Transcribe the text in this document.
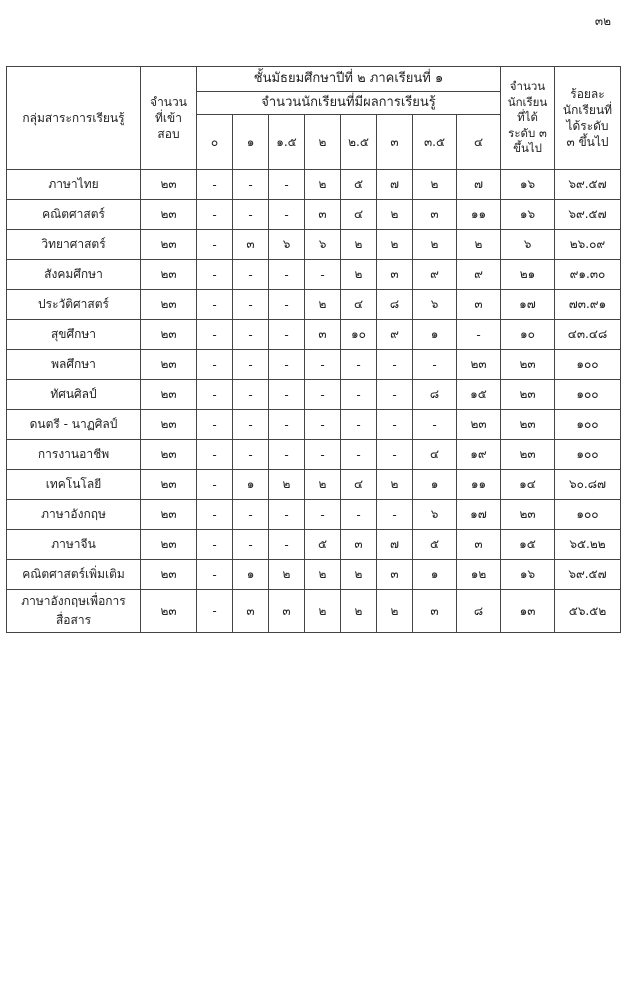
๓๒
กลุ่มสาระการเรียนรู้	จำนวนที่เข้าสอบ	ชั้นมัธยมศึกษาปีที่ ๒ ภาคเรียนที่ ๑								จำนวนนักเรียนที่ได้ระดับ ๓ ขึ้นไป	ร้อยละนักเรียนที่ได้ระดับ ๓ ขึ้นไป
		จำนวนนักเรียนที่มีผลการเรียนรู้									
		๐	๑	๑.๕	๒	๒.๕	๓	๓.๕	๔		
ภาษาไทย	๒๓	-	-	-	๒	๕	๗	๒	๗	๑๖	๖๙.๕๗
คณิตศาสตร์	๒๓	-	-	-	๓	๔	๒	๓	๑๑	๑๖	๖๙.๕๗
วิทยาศาสตร์	๒๓	-	๓	๖	๖	๒	๒	๒	๒	๖	๒๖.๐๙
สังคมศึกษา	๒๓	-	-	-	-	๒	๓	๙	๙	๒๑	๙๑.๓๐
ประวัติศาสตร์	๒๓	-	-	-	๒	๔	๘	๖	๓	๑๗	๗๓.๙๑
สุขศึกษา	๒๓	-	-	-	๓	๑๐	๙	๑	-	๑๐	๔๓.๔๘
พลศึกษา	๒๓	-	-	-	-	-	-	-	๒๓	๒๓	๑๐๐
ทัศนศิลป์	๒๓	-	-	-	-	-	-	๘	๑๕	๒๓	๑๐๐
ดนตรี - นาฏศิลป์	๒๓	-	-	-	-	-	-	-	๒๓	๒๓	๑๐๐
การงานอาชีพ	๒๓	-	-	-	-	-	-	๔	๑๙	๒๓	๑๐๐
เทคโนโลยี	๒๓	-	๑	๒	๒	๔	๒	๑	๑๑	๑๔	๖๐.๘๗
ภาษาอังกฤษ	๒๓	-	-	-	-	-	-	๖	๑๗	๒๓	๑๐๐
ภาษาจีน	๒๓	-	-	-	๕	๓	๗	๕	๓	๑๕	๖๕.๒๒
คณิตศาสตร์เพิ่มเติม	๒๓	-	๑	๒	๒	๒	๓	๑	๑๒	๑๖	๖๙.๕๗
ภาษาอังกฤษเพื่อการสื่อสาร	๒๓	-	๓	๓	๒	๒	๒	๓	๘	๑๓	๕๖.๕๒
